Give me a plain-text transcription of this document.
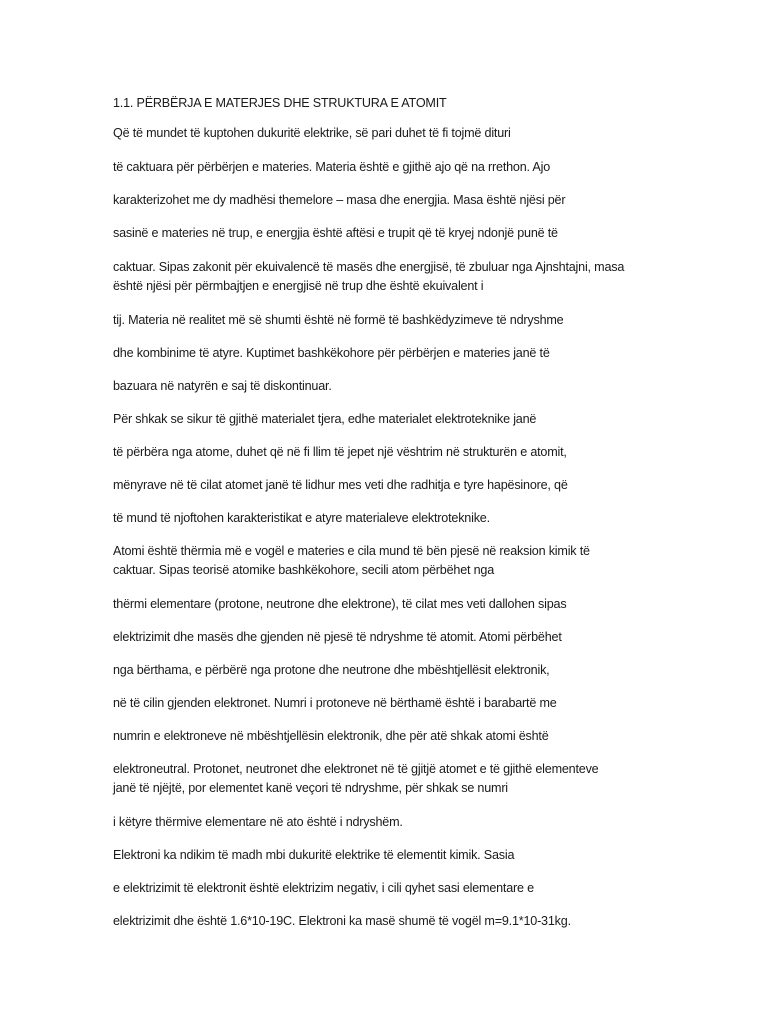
1.1. PËRBËRJA E MATERJES DHE STRUKTURA E ATOMIT
Që të mundet të kuptohen dukuritë elektrike, së pari duhet të fi tojmë dituri
të caktuara për përbërjen e materies. Materia është e gjithë ajo që na rrethon. Ajo
karakterizohet me dy madhësi themelore – masa dhe energjia. Masa është njësi për
sasinë e materies në trup, e energjia është aftësi e trupit që të kryej ndonjë punë të
caktuar. Sipas zakonit për ekuivalencë të masës dhe energjisë, të zbuluar nga Ajnshtajni, masa
është njësi për përmbajtjen e energjisë në trup dhe është ekuivalent i
tij. Materia në realitet më së shumti është në formë të bashkëdyzimeve të ndryshme
dhe kombinime të atyre. Kuptimet bashkëkohore për përbërjen e materies janë të
bazuara në natyrën e saj të diskontinuar.
Për shkak se sikur të gjithë materialet tjera, edhe materialet elektroteknike janë
të përbëra nga atome, duhet që në fi llim të jepet një vështrim në strukturën e atomit,
mënyrave në të cilat atomet janë të lidhur mes veti dhe radhitja e tyre hapësinore, që
të mund të njoftohen karakteristikat e atyre materialeve elektroteknike.
Atomi është thërmia më e vogël e materies e cila mund të bën pjesë në reaksion kimik të
caktuar. Sipas teorisë atomike bashkëkohore, secili atom përbëhet nga
thërmi elementare (protone, neutrone dhe elektrone), të cilat mes veti dallohen sipas
elektrizimit dhe masës dhe gjenden në pjesë të ndryshme të atomit. Atomi përbëhet
nga bërthama, e përbërë nga protone dhe neutrone dhe mbështjellësit elektronik,
në të cilin gjenden elektronet. Numri i protoneve në bërthamë është i barabartë me
numrin e elektroneve në mbështjellësin elektronik, dhe për atë shkak atomi është
elektroneutral. Protonet, neutronet dhe elektronet në të gjitjë atomet e të gjithë elementeve
janë të njëjtë, por elementet kanë veçori të ndryshme, për shkak se numri
i këtyre thërmive elementare në ato është i ndryshëm.
Elektroni ka ndikim të madh mbi dukuritë elektrike të elementit kimik. Sasia
e elektrizimit të elektronit është elektrizim negativ, i cili qyhet sasi elementare e
elektrizimit dhe është 1.6*10-19C. Elektroni ka masë shumë të vogël m=9.1*10-31kg.
